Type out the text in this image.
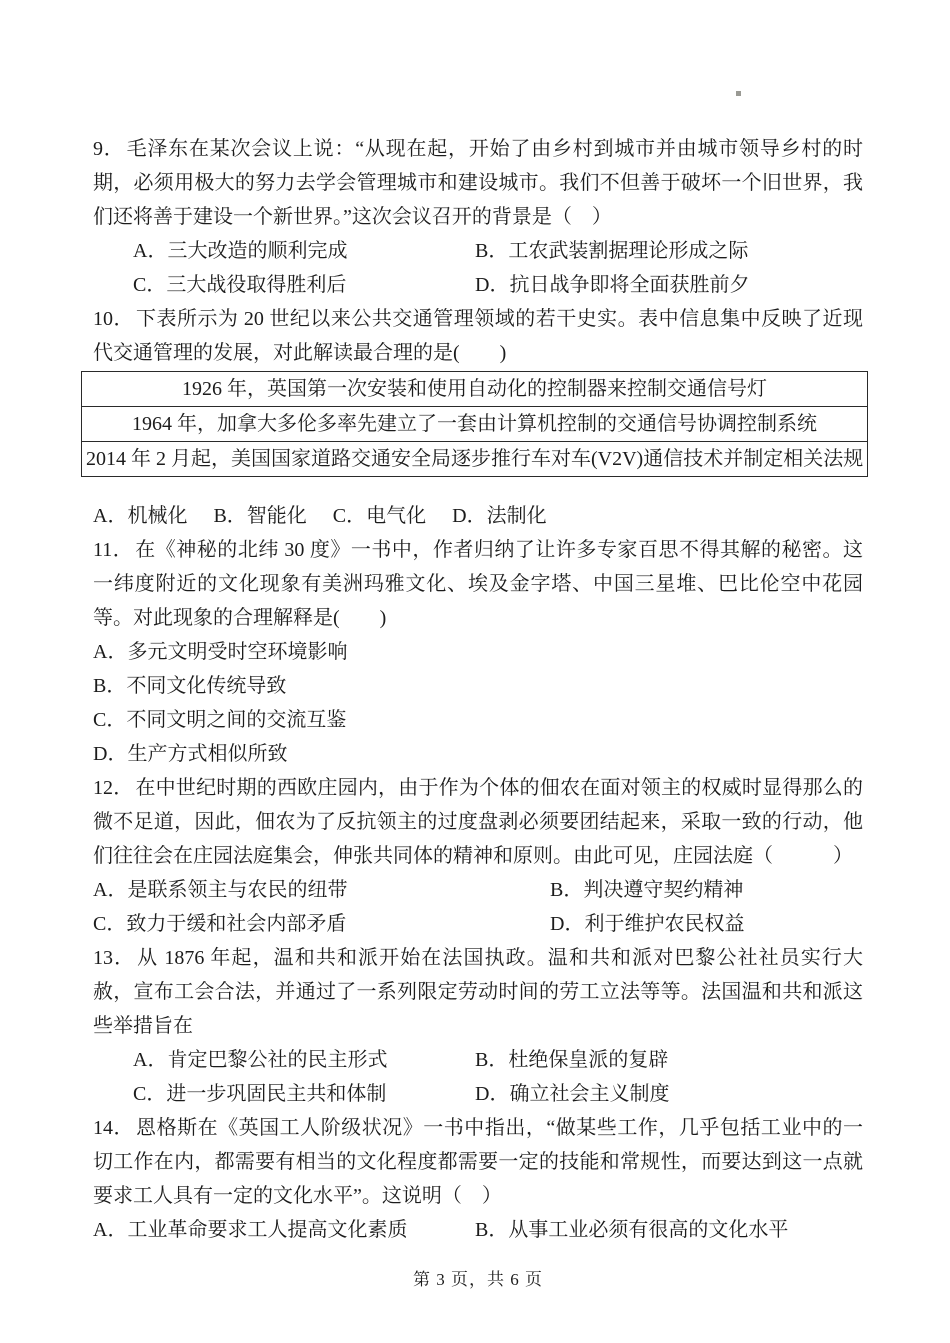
9． 毛泽东在某次会议上说：“从现在起，开始了由乡村到城市并由城市领导乡村的时期，必须用极大的努力去学会管理城市和建设城市。我们不但善于破坏一个旧世界，我们还将善于建设一个新世界。”这次会议召开的背景是（　）

A．三大改造的顺利完成	B．工农武装割据理论形成之际
C．三大战役取得胜利后	D．抗日战争即将全面获胜前夕

10． 下表所示为 20 世纪以来公共交通管理领域的若干史实。表中信息集中反映了近现代交通管理的发展，对此解读最合理的是(　　)

1926 年，英国第一次安装和使用自动化的控制器来控制交通信号灯
1964 年，加拿大多伦多率先建立了一套由计算机控制的交通信号协调控制系统
2014 年 2 月起，美国国家道路交通安全局逐步推行车对车(V2V)通信技术并制定相关法规
A．机械化 B．智能化 C．电气化 D．法制化

11． 在《神秘的北纬 30 度》一书中，作者归纳了让许多专家百思不得其解的秘密。这一纬度附近的文化现象有美洲玛雅文化、埃及金字塔、中国三星堆、巴比伦空中花园等。对此现象的合理解释是(　　)

A．多元文明受时空环境影响
B．不同文化传统导致
C．不同文明之间的交流互鉴
D．生产方式相似所致

12． 在中世纪时期的西欧庄园内，由于作为个体的佃农在面对领主的权威时显得那么的微不足道，因此，佃农为了反抗领主的过度盘剥必须要团结起来，采取一致的行动，他们往往会在庄园法庭集会，伸张共同体的精神和原则。由此可见，庄园法庭（　　　）

A．是联系领主与农民的纽带	B．判决遵守契约精神
C．致力于缓和社会内部矛盾	D．利于维护农民权益

13． 从 1876 年起，温和共和派开始在法国执政。温和共和派对巴黎公社社员实行大赦，宣布工会合法，并通过了一系列限定劳动时间的劳工立法等等。法国温和共和派这些举措旨在

A．肯定巴黎公社的民主形式	B．杜绝保皇派的复辟
C．进一步巩固民主共和体制	D．确立社会主义制度

14． 恩格斯在《英国工人阶级状况》一书中指出，“做某些工作，几乎包括工业中的一切工作在内，都需要有相当的文化程度都需要一定的技能和常规性，而要达到这一点就要求工人具有一定的文化水平”。这说明（　）

A．工业革命要求工人提高文化素质	B．从事工业必须有很高的文化水平
第 3 页，共 6 页
